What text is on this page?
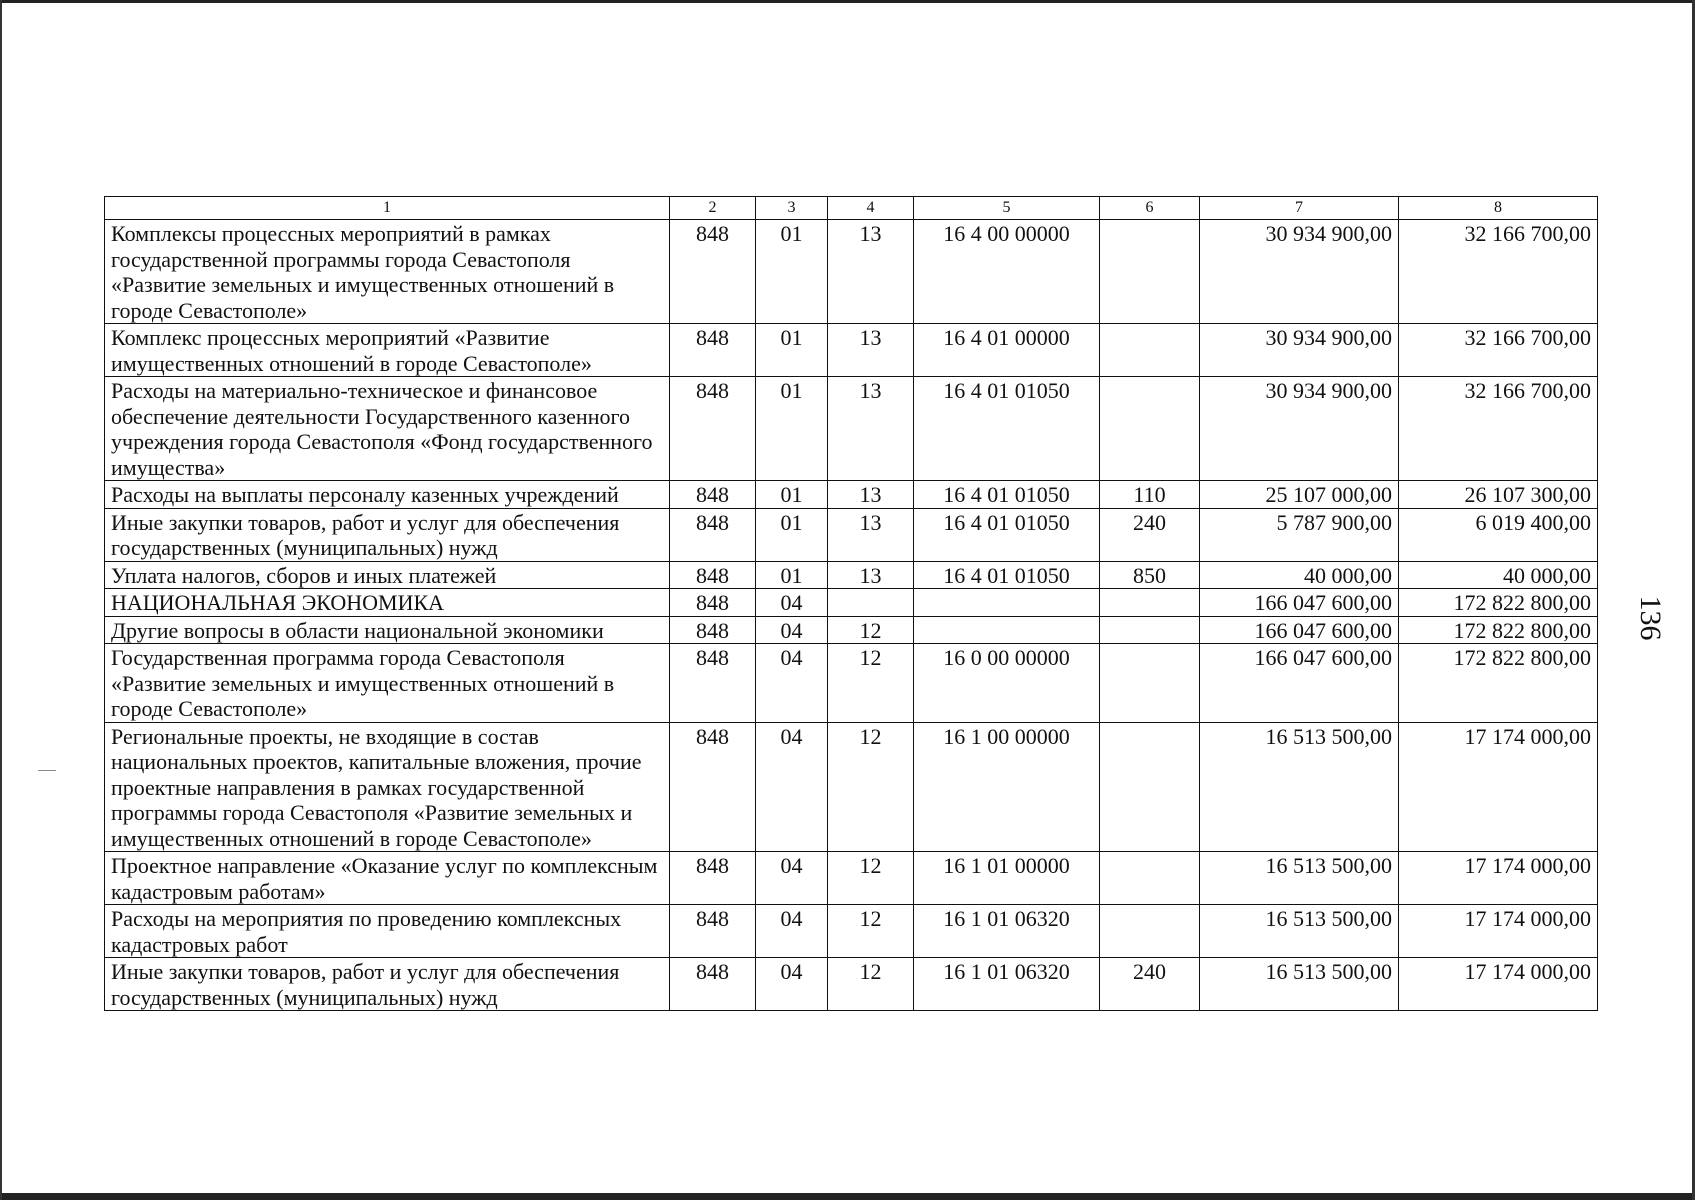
1	2	3	4	5	6	7	8
Комплексы процессных мероприятий в рамках государственной программы города Севастополя «Развитие земельных и имущественных отношений в городе Севастополе»	848	01	13	16 4 00 00000		30 934 900,00	32 166 700,00
Комплекс процессных мероприятий «Развитие имущественных отношений в городе Севастополе»	848	01	13	16 4 01 00000		30 934 900,00	32 166 700,00
Расходы на материально-техническое и финансовое обеспечение деятельности Государственного казенного учреждения города Севастополя «Фонд государственного имущества»	848	01	13	16 4 01 01050		30 934 900,00	32 166 700,00
Расходы на выплаты персоналу казенных учреждений	848	01	13	16 4 01 01050	110	25 107 000,00	26 107 300,00
Иные закупки товаров, работ и услуг для обеспечения государственных (муниципальных) нужд	848	01	13	16 4 01 01050	240	5 787 900,00	6 019 400,00
Уплата налогов, сборов и иных платежей	848	01	13	16 4 01 01050	850	40 000,00	40 000,00
НАЦИОНАЛЬНАЯ ЭКОНОМИКА	848	04				166 047 600,00	172 822 800,00
Другие вопросы в области национальной экономики	848	04	12			166 047 600,00	172 822 800,00
Государственная программа города Севастополя «Развитие земельных и имущественных отношений в городе Севастополе»	848	04	12	16 0 00 00000		166 047 600,00	172 822 800,00
Региональные проекты, не входящие в состав национальных проектов, капитальные вложения, прочие проектные направления в рамках государственной программы города Севастополя «Развитие земельных и имущественных отношений в городе Севастополе»	848	04	12	16 1 00 00000		16 513 500,00	17 174 000,00
Проектное направление «Оказание услуг по комплексным кадастровым работам»	848	04	12	16 1 01 00000		16 513 500,00	17 174 000,00
Расходы на мероприятия по проведению комплексных кадастровых работ	848	04	12	16 1 01 06320		16 513 500,00	17 174 000,00
Иные закупки товаров, работ и услуг для обеспечения государственных (муниципальных) нужд	848	04	12	16 1 01 06320	240	16 513 500,00	17 174 000,00
136
